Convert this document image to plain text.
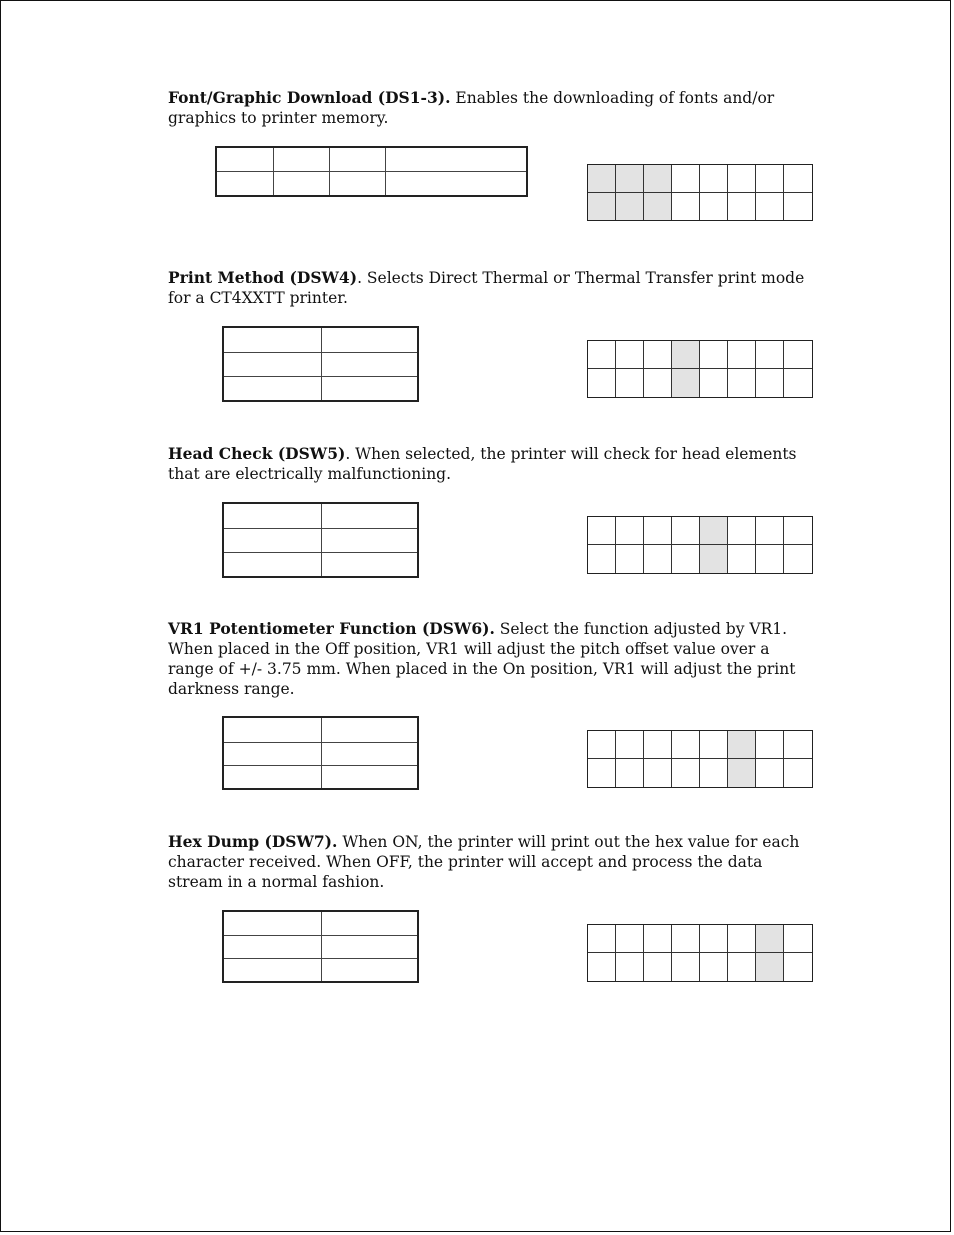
Font/Graphic Download (DS1-3). Enables the downloading of fonts and/or graphics to printer memory.

Print Method (DSW4). Selects Direct Thermal or Thermal Transfer print mode for a CT4XXTT printer.

Head Check (DSW5). When selected, the printer will check for head elements that are electrically malfunctioning.

VR1 Potentiometer Function (DSW6). Select the function adjusted by VR1. When placed in the Off position, VR1 will adjust the pitch offset value over a range of +/- 3.75 mm. When placed in the On position, VR1 will adjust the print darkness range.

Hex Dump (DSW7). When ON, the printer will print out the hex value for each character received. When OFF, the printer will accept and process the data stream in a normal fashion.
